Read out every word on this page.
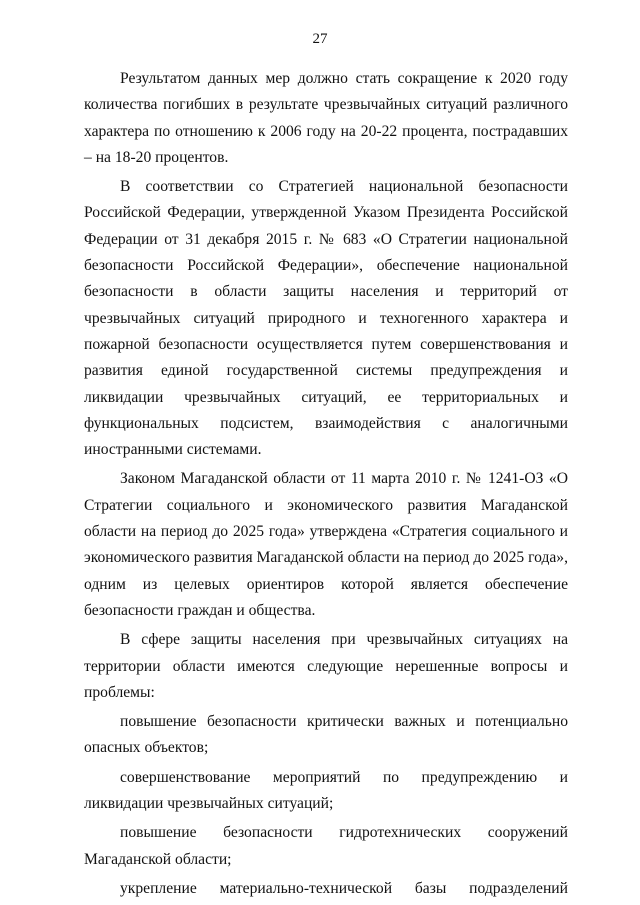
27

Результатом данных мер должно стать сокращение к 2020 году количества погибших в результате чрезвычайных ситуаций различного характера по отношению к 2006 году на 20-22 процента, пострадавших – на 18-20 процентов.

В соответствии со Стратегией национальной безопасности Российской Федерации, утвержденной Указом Президента Российской Федерации от 31 декабря 2015 г. № 683 «О Стратегии национальной безопасности Российской Федерации», обеспечение национальной безопасности в области защиты населения и территорий от чрезвычайных ситуаций природного и техногенного характера и пожарной безопасности осуществляется путем совершенствования и развития единой государственной системы предупреждения и ликвидации чрезвычайных ситуаций, ее территориальных и функциональных подсистем, взаимодействия с аналогичными иностранными системами.

Законом Магаданской области от 11 марта 2010 г. № 1241-ОЗ «О Стратегии социального и экономического развития Магаданской области на период до 2025 года» утверждена «Стратегия социального и экономического развития Магаданской области на период до 2025 года», одним из целевых ориентиров которой является обеспечение безопасности граждан и общества.

В сфере защиты населения при чрезвычайных ситуациях на территории области имеются следующие нерешенные вопросы и проблемы:

повышение безопасности критически важных и потенциально опасных объектов;

совершенствование мероприятий по предупреждению и ликвидации чрезвычайных ситуаций;

повышение безопасности гидротехнических сооружений Магаданской области;

укрепление материально-технической базы подразделений
